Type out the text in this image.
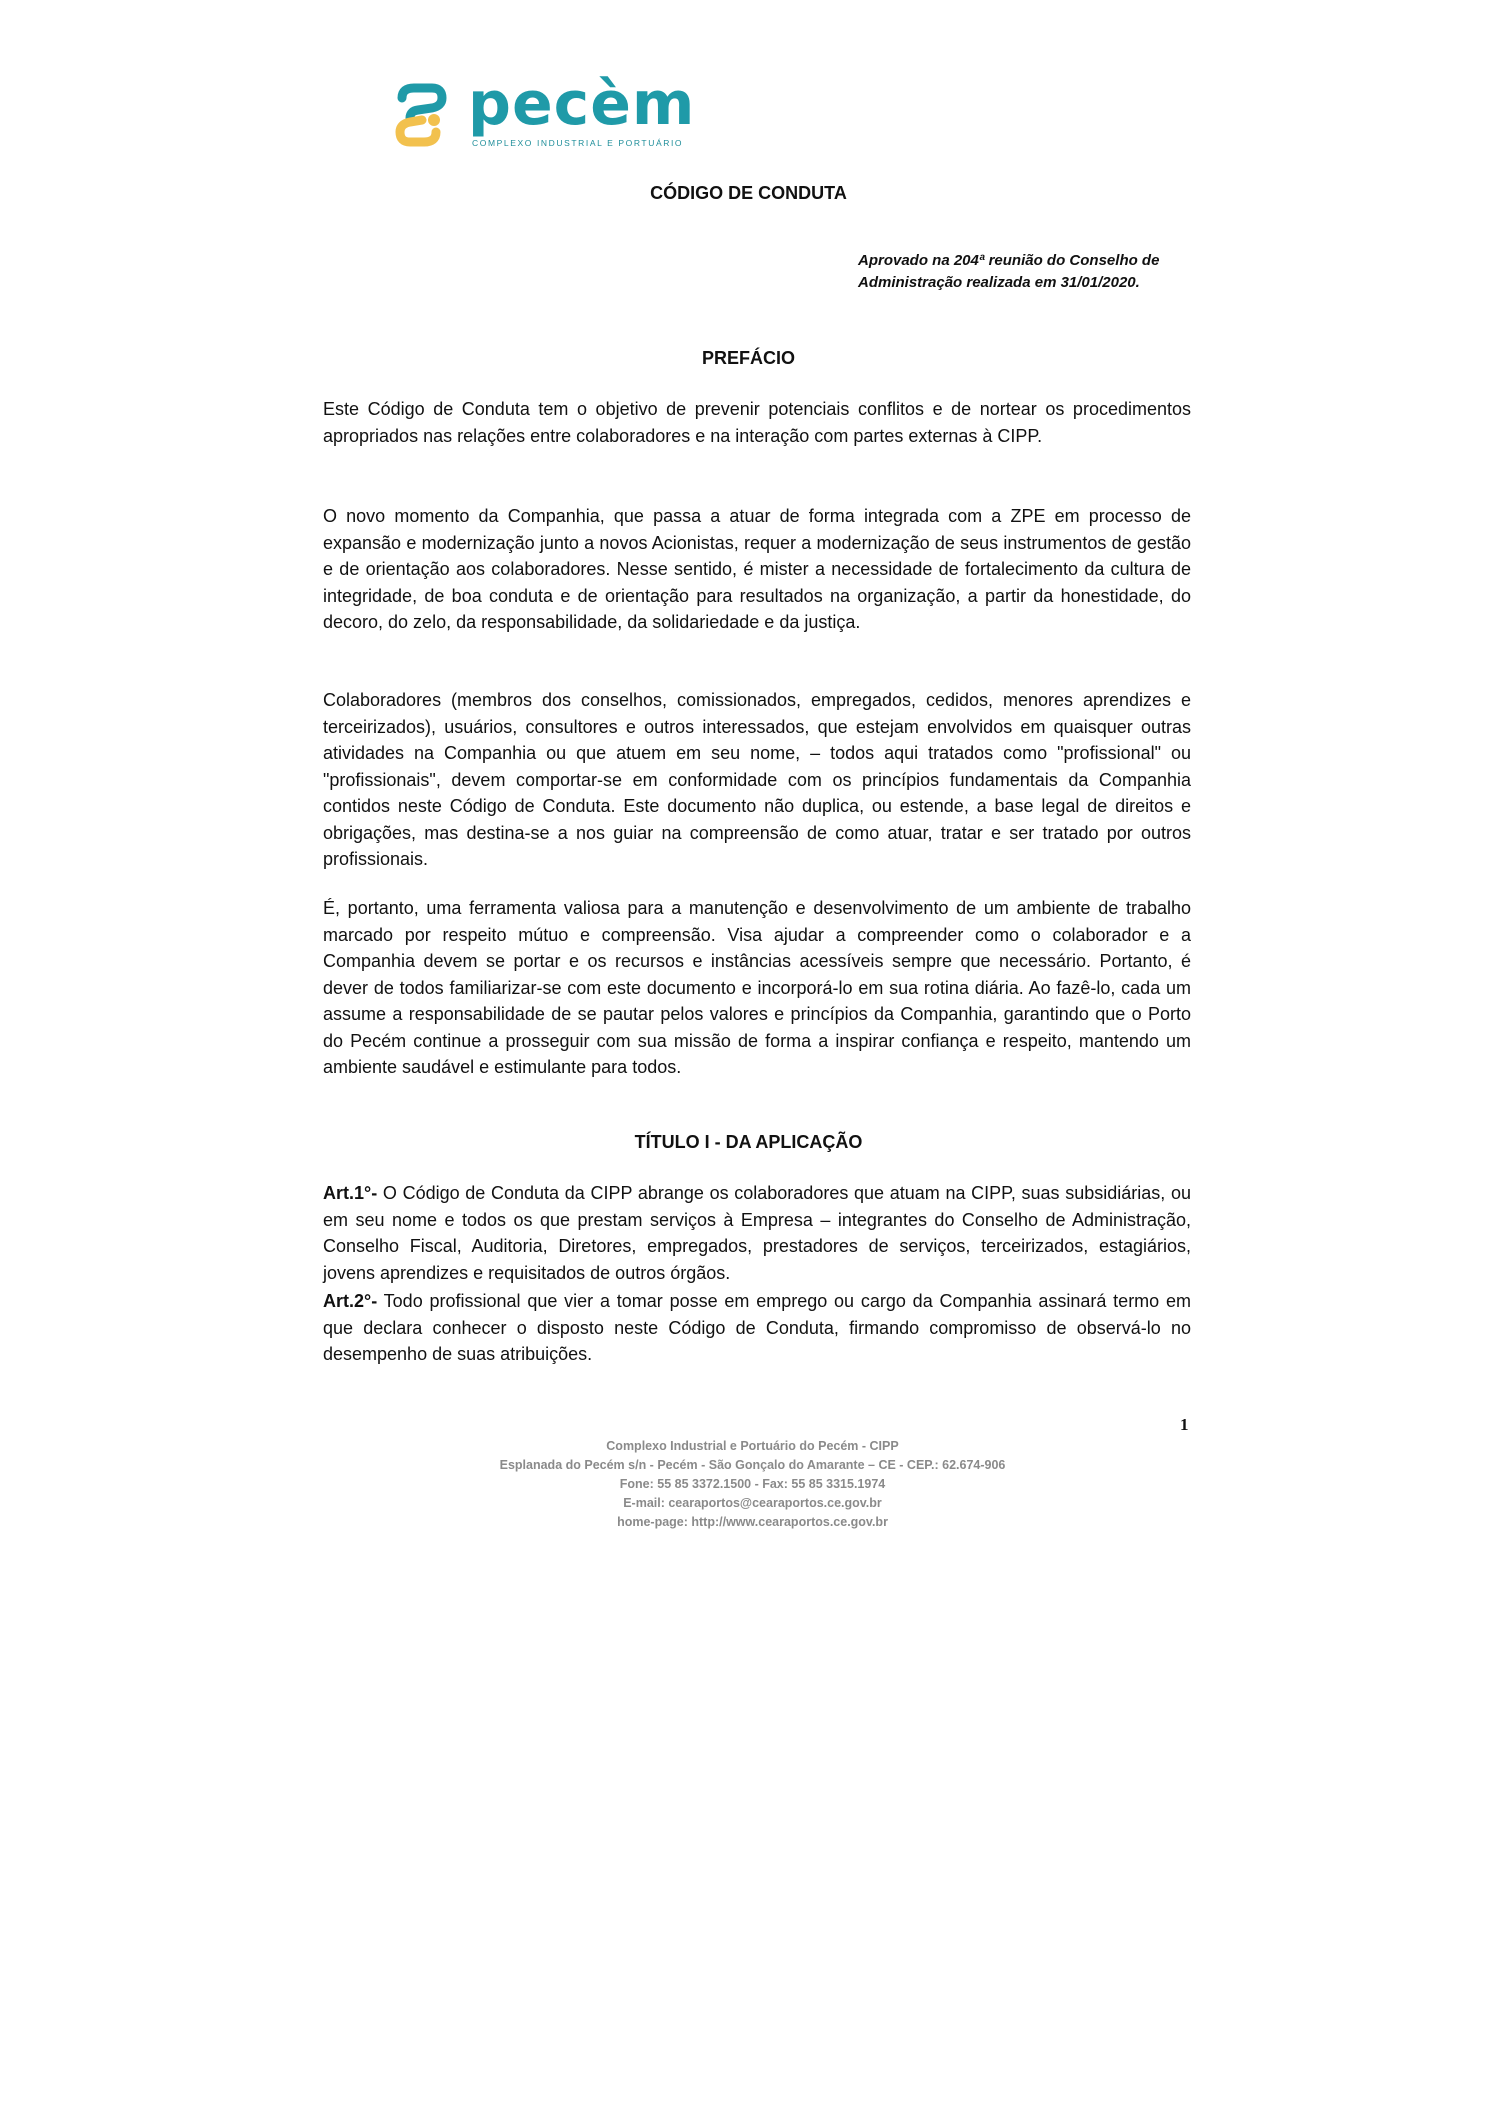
pecèm
COMPLEXO INDUSTRIAL E PORTUÁRIO
CÓDIGO DE CONDUTA
Aprovado na 204ª reunião do Conselho de
Administração realizada em 31/01/2020.
PREFÁCIO

Este Código de Conduta tem o objetivo de prevenir potenciais conflitos e de nortear os procedimentos apropriados nas relações entre colaboradores e na interação com partes externas à CIPP.

O novo momento da Companhia, que passa a atuar de forma integrada com a ZPE em processo de expansão e modernização junto a novos Acionistas, requer a modernização de seus instrumentos de gestão e de orientação aos colaboradores. Nesse sentido, é mister a necessidade de fortalecimento da cultura de integridade, de boa conduta e de orientação para resultados na organização, a partir da honestidade, do decoro, do zelo, da responsabilidade, da solidariedade e da justiça.

Colaboradores (membros dos conselhos, comissionados, empregados, cedidos, menores aprendizes e terceirizados), usuários, consultores e outros interessados, que estejam envolvidos em quaisquer outras atividades na Companhia ou que atuem em seu nome, – todos aqui tratados como "profissional" ou "profissionais", devem comportar-se em conformidade com os princípios fundamentais da Companhia contidos neste Código de Conduta. Este documento não duplica, ou estende, a base legal de direitos e obrigações, mas destina-se a nos guiar na compreensão de como atuar, tratar e ser tratado por outros profissionais.

É, portanto, uma ferramenta valiosa para a manutenção e desenvolvimento de um ambiente de trabalho marcado por respeito mútuo e compreensão. Visa ajudar a compreender como o colaborador e a Companhia devem se portar e os recursos e instâncias acessíveis sempre que necessário. Portanto, é dever de todos familiarizar-se com este documento e incorporá-lo em sua rotina diária. Ao fazê-lo, cada um assume a responsabilidade de se pautar pelos valores e princípios da Companhia, garantindo que o Porto do Pecém continue a prosseguir com sua missão de forma a inspirar confiança e respeito, mantendo um ambiente saudável e estimulante para todos.

TÍTULO I - DA APLICAÇÃO

Art.1°- O Código de Conduta da CIPP abrange os colaboradores que atuam na CIPP, suas subsidiárias, ou em seu nome e todos os que prestam serviços à Empresa – integrantes do Conselho de Administração, Conselho Fiscal, Auditoria, Diretores, empregados, prestadores de serviços, terceirizados, estagiários, jovens aprendizes e requisitados de outros órgãos.

Art.2°- Todo profissional que vier a tomar posse em emprego ou cargo da Companhia assinará termo em que declara conhecer o disposto neste Código de Conduta, firmando compromisso de observá-lo no desempenho de suas atribuições.

1
Complexo Industrial e Portuário do Pecém - CIPP
Esplanada do Pecém s/n - Pecém - São Gonçalo do Amarante – CE - CEP.: 62.674-906
Fone: 55 85 3372.1500 - Fax: 55 85 3315.1974
E-mail: cearaportos@cearaportos.ce.gov.br
home-page: http://www.cearaportos.ce.gov.br
